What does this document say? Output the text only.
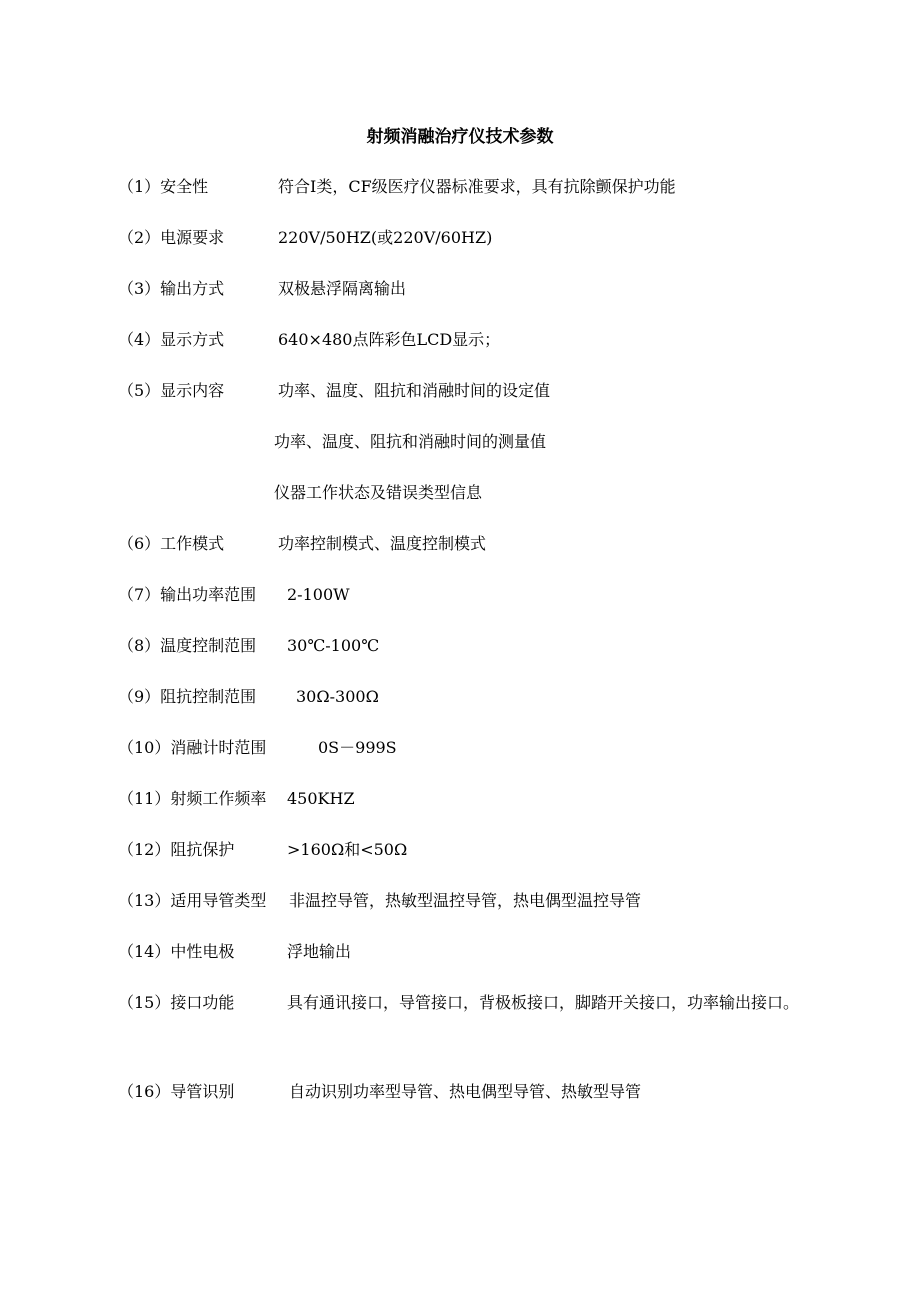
射频消融治疗仪技术参数
（1）安全性	符合Ⅰ类，CF级医疗仪器标准要求，具有抗除颤保护功能
（2）电源要求	220V/50HZ(或220V/60HZ)
（3）输出方式	双极悬浮隔离输出
（4）显示方式	640×480点阵彩色LCD显示；
（5）显示内容	功率、温度、阻抗和消融时间的设定值
功率、温度、阻抗和消融时间的测量值
仪器工作状态及错误类型信息
（6）工作模式	功率控制模式、温度控制模式
（7）输出功率范围 2-100W
（8）温度控制范围 30℃-100℃
（9）阻抗控制范围 30Ω-300Ω
（10）消融计时范围	0S－999S
（11）射频工作频率 450KHZ
（12）阻抗保护	>160Ω和<50Ω
（13）适用导管类型 非温控导管，热敏型温控导管，热电偶型温控导管
（14）中性电极	浮地输出
（15）接口功能	具有通讯接口，导管接口，背极板接口，脚踏开关接口，功率输出接口。
（16）导管识别	自动识别功率型导管、热电偶型导管、热敏型导管
